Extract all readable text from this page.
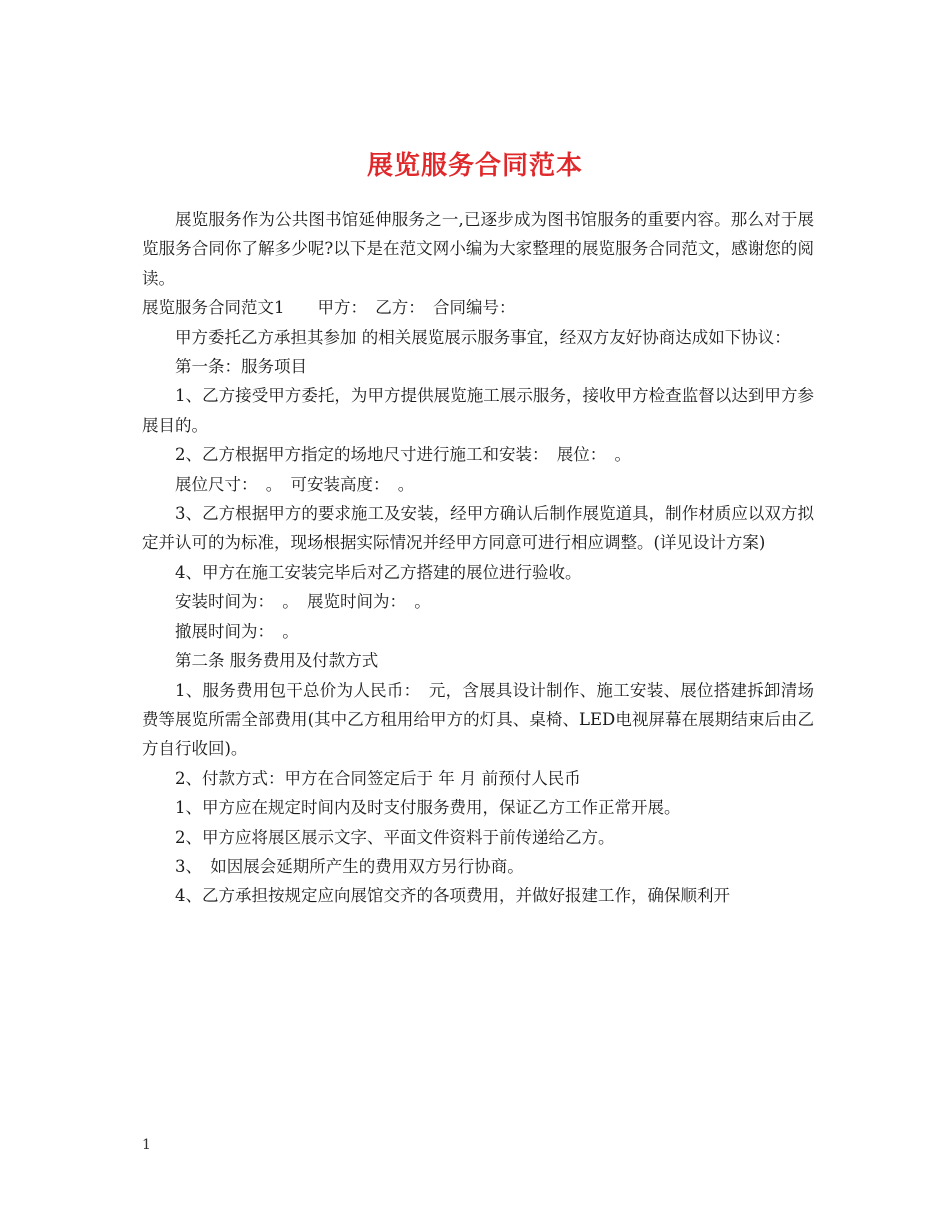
展览服务合同范本

展览服务作为公共图书馆延伸服务之一,已逐步成为图书馆服务的重要内容。那么对于展览服务合同你了解多少呢?以下是在范文网小编为大家整理的展览服务合同范文，感谢您的阅读。

展览服务合同范文1　　甲方：　乙方：　合同编号：

甲方委托乙方承担其参加 的相关展览展示服务事宜，经双方友好协商达成如下协议：

第一条：服务项目

1、乙方接受甲方委托，为甲方提供展览施工展示服务，接收甲方检查监督以达到甲方参展目的。

2、乙方根据甲方指定的场地尺寸进行施工和安装：　展位：　。

展位尺寸：　。　可安装高度：　。

3、乙方根据甲方的要求施工及安装，经甲方确认后制作展览道具，制作材质应以双方拟定并认可的为标准，现场根据实际情况并经甲方同意可进行相应调整。(详见设计方案)

4、甲方在施工安装完毕后对乙方搭建的展位进行验收。

安装时间为：　。　展览时间为：　。

撤展时间为：　。

第二条 服务费用及付款方式

1、服务费用包干总价为人民币：　元，含展具设计制作、施工安装、展位搭建拆卸清场费等展览所需全部费用(其中乙方租用给甲方的灯具、桌椅、LED电视屏幕在展期结束后由乙方自行收回)。

2、付款方式：甲方在合同签定后于 年 月 前预付人民币

1、甲方应在规定时间内及时支付服务费用，保证乙方工作正常开展。

2、甲方应将展区展示文字、平面文件资料于前传递给乙方。

3、　如因展会延期所产生的费用双方另行协商。

4、乙方承担按规定应向展馆交齐的各项费用，并做好报建工作，确保顺利开

1
